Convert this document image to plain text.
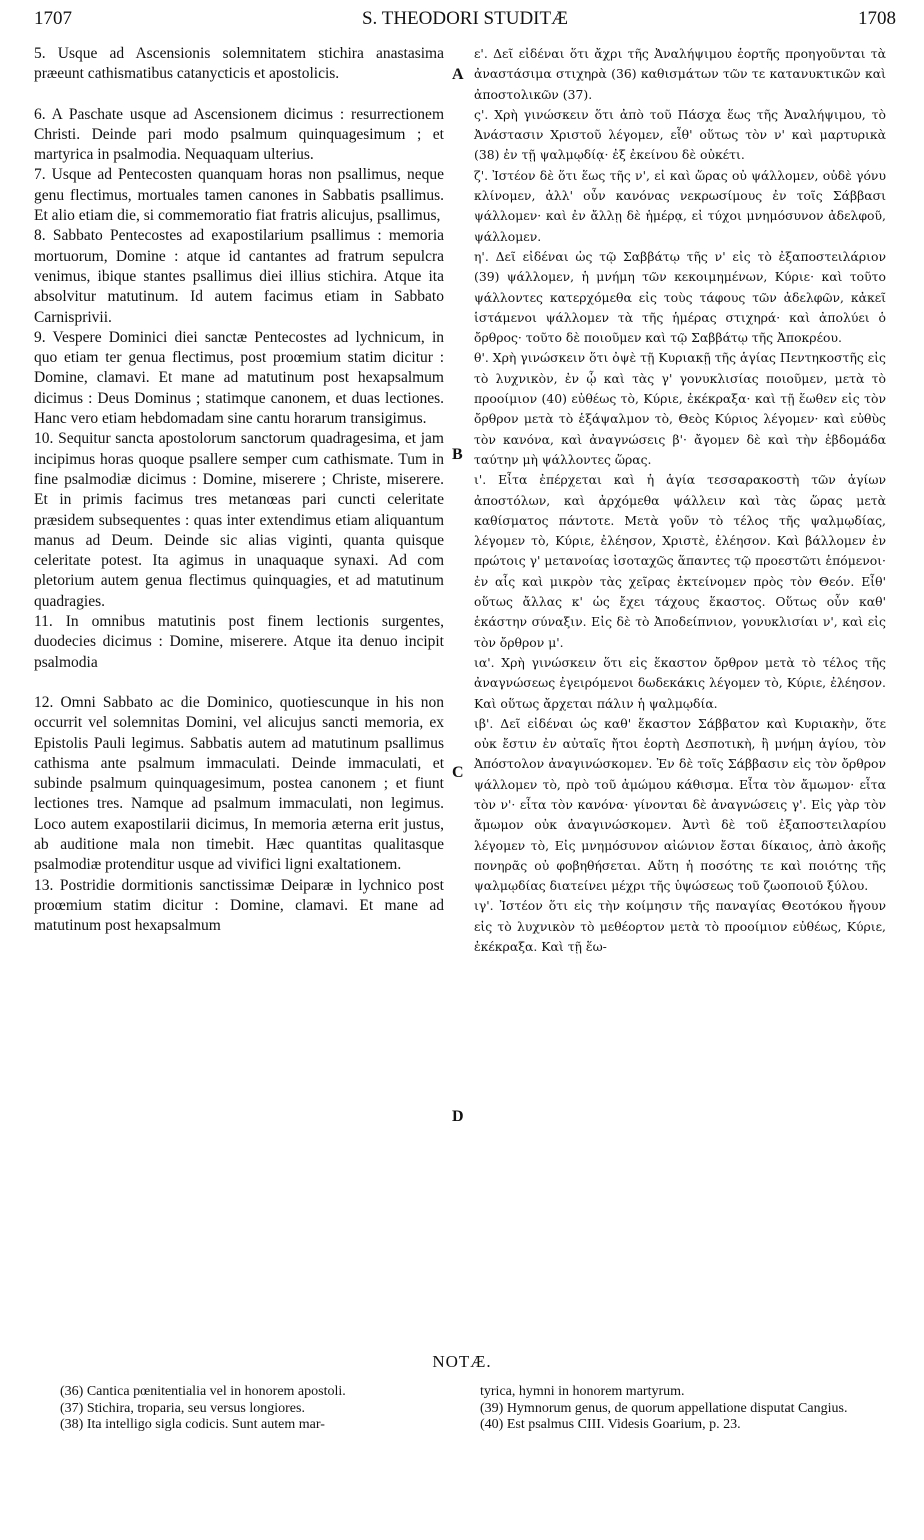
1707	S. THEODORI STUDITÆ	1708
A
B
C
D

5. Usque ad Ascensionis solemnitatem stichira anastasima præeunt cathismatibus catanycticis et apostolicis.

6. A Paschate usque ad Ascensionem dicimus : resurrectionem Christi. Deinde pari modo psalmum quinquagesimum ; et martyrica in psalmodia. Nequaquam ulterius.

7. Usque ad Pentecosten quanquam horas non psallimus, neque genu flectimus, mortuales tamen canones in Sabbatis psallimus. Et alio etiam die, si commemoratio fiat fratris alicujus, psallimus,

8. Sabbato Pentecostes ad exapostilarium psallimus : memoria mortuorum, Domine : atque id cantantes ad fratrum sepulcra venimus, ibique stantes psallimus diei illius stichira. Atque ita absolvitur matutinum. Id autem facimus etiam in Sabbato Carnisprivii.

9. Vespere Dominici diei sanctæ Pentecostes ad lychnicum, in quo etiam ter genua flectimus, post proœmium statim dicitur : Domine, clamavi. Et mane ad matutinum post hexapsalmum dicimus : Deus Dominus ; statimque canonem, et duas lectiones. Hanc vero etiam hebdomadam sine cantu horarum transigimus.

10. Sequitur sancta apostolorum sanctorum quadragesima, et jam incipimus horas quoque psallere semper cum cathismate. Tum in fine psalmodiæ dicimus : Domine, miserere ; Christe, miserere. Et in primis facimus tres metanœas pari cuncti celeritate præsidem subsequentes : quas inter extendimus etiam aliquantum manus ad Deum. Deinde sic alias viginti, quanta quisque celeritate potest. Ita agimus in unaquaque synaxi. Ad com pletorium autem genua flectimus quinquagies, et ad matutinum quadragies.

11. In omnibus matutinis post finem lectionis surgentes, duodecies dicimus : Domine, miserere. Atque ita denuo incipit psalmodia

12. Omni Sabbato ac die Dominico, quotiescunque in his non occurrit vel solemnitas Domini, vel alicujus sancti memoria, ex Epistolis Pauli legimus. Sabbatis autem ad matutinum psallimus cathisma ante psalmum immaculati. Deinde immaculati, et subinde psalmum quinquagesimum, postea canonem ; et fiunt lectiones tres. Namque ad psalmum immaculati, non legimus. Loco autem exapostilarii dicimus, In memoria æterna erit justus, ab auditione mala non timebit. Hæc quantitas qualitasque psalmodiæ protenditur usque ad vivifici ligni exaltationem.

13. Postridie dormitionis sanctissimæ Deiparæ in lychnico post proœmium statim dicitur : Domine, clamavi. Et mane ad matutinum post hexapsalmum

ε'. Δεῖ εἰδέναι ὅτι ἄχρι τῆς Ἀναλήψιμου ἑορτῆς προηγοῦνται τὰ ἀναστάσιμα στιχηρὰ (36) καθισμάτων τῶν τε κατανυκτικῶν καὶ ἀποστολικῶν (37).

ς'. Χρὴ γινώσκειν ὅτι ἀπὸ τοῦ Πάσχα ἕως τῆς Ἀναλήψιμου, τὸ Ἀνάστασιν Χριστοῦ λέγομεν, εἶθ' οὕτως τὸν ν' καὶ μαρτυρικὰ (38) ἐν τῇ ψαλμῳδίᾳ· ἐξ ἐκείνου δὲ οὐκέτι.

ζ'. Ἰστέον δὲ ὅτι ἕως τῆς ν', εἰ καὶ ὥρας οὐ ψάλλομεν, οὐδὲ γόνυ κλίνομεν, ἀλλ' οὖν κανόνας νεκρωσίμους ἐν τοῖς Σάββασι ψάλλομεν· καὶ ἐν ἄλλῃ δὲ ἡμέρᾳ, εἰ τύχοι μνημόσυνον ἀδελφοῦ, ψάλλομεν.

η'. Δεῖ εἰδέναι ὡς τῷ Σαββάτῳ τῆς ν' εἰς τὸ ἐξαποστειλάριον (39) ψάλλομεν, ἡ μνήμη τῶν κεκοιμημένων, Κύριε· καὶ τοῦτο ψάλλοντες κατερχόμεθα εἰς τοὺς τάφους τῶν ἀδελφῶν, κἀκεῖ ἱστάμενοι ψάλλομεν τὰ τῆς ἡμέρας στιχηρά· καὶ ἀπολύει ὁ ὄρθρος· τοῦτο δὲ ποιοῦμεν καὶ τῷ Σαββάτῳ τῆς Ἀποκρέου.

θ'. Χρὴ γινώσκειν ὅτι ὀψὲ τῇ Κυριακῇ τῆς ἁγίας Πεντηκοστῆς εἰς τὸ λυχνικὸν, ἐν ᾧ καὶ τὰς γ' γονυκλισίας ποιοῦμεν, μετὰ τὸ προοίμιον (40) εὐθέως τὸ, Κύριε, ἐκέκραξα· καὶ τῇ ἕωθεν εἰς τὸν ὄρθρον μετὰ τὸ ἑξάψαλμον τὸ, Θεὸς Κύριος λέγομεν· καὶ εὐθὺς τὸν κανόνα, καὶ ἀναγνώσεις β'· ἄγομεν δὲ καὶ τὴν ἑβδομάδα ταύτην μὴ ψάλλοντες ὥρας.

ι'. Εἶτα ἐπέρχεται καὶ ἡ ἁγία τεσσαρακοστὴ τῶν ἁγίων ἀποστόλων, καὶ ἀρχόμεθα ψάλλειν καὶ τὰς ὥρας μετὰ καθίσματος πάντοτε. Μετὰ γοῦν τὸ τέλος τῆς ψαλμῳδίας, λέγομεν τὸ, Κύριε, ἐλέησον, Χριστὲ, ἐλέησον. Καὶ βάλλομεν ἐν πρώτοις γ' μετανοίας ἰσοταχῶς ἅπαντες τῷ προεστῶτι ἑπόμενοι· ἐν αἷς καὶ μικρὸν τὰς χεῖρας ἐκτείνομεν πρὸς τὸν Θεόν. Εἶθ' οὕτως ἄλλας κ' ὡς ἔχει τάχους ἕκαστος. Οὕτως οὖν καθ' ἑκάστην σύναξιν. Εἰς δὲ τὸ Ἀποδείπνιον, γονυκλισίαι ν', καὶ εἰς τὸν ὄρθρον μ'.

ια'. Χρὴ γινώσκειν ὅτι εἰς ἕκαστον ὄρθρον μετὰ τὸ τέλος τῆς ἀναγνώσεως ἐγειρόμενοι δωδεκάκις λέγομεν τὸ, Κύριε, ἐλέησον. Καὶ οὕτως ἄρχεται πάλιν ἡ ψαλμῳδία.

ιβ'. Δεῖ εἰδέναι ὡς καθ' ἕκαστον Σάββατον καὶ Κυριακὴν, ὅτε οὐκ ἔστιν ἐν αὐταῖς ἤτοι ἑορτὴ Δεσποτικὴ, ἢ μνήμη ἁγίου, τὸν Ἀπόστολον ἀναγινώσκομεν. Ἐν δὲ τοῖς Σάββασιν εἰς τὸν ὄρθρον ψάλλομεν τὸ, πρὸ τοῦ ἀμώμου κάθισμα. Εἶτα τὸν ἄμωμον· εἶτα τὸν ν'· εἶτα τὸν κανόνα· γίνονται δὲ ἀναγνώσεις γ'. Εἰς γὰρ τὸν ἄμωμον οὐκ ἀναγινώσκομεν. Ἀντὶ δὲ τοῦ ἐξαποστειλαρίου λέγομεν τὸ, Εἰς μνημόσυνον αἰώνιον ἔσται δίκαιος, ἀπὸ ἀκοῆς πονηρᾶς οὐ φοβηθήσεται. Αὕτη ἡ ποσότης τε καὶ ποιότης τῆς ψαλμῳδίας διατείνει μέχρι τῆς ὑψώσεως τοῦ ζωοποιοῦ ξύλου.

ιγ'. Ἰστέον ὅτι εἰς τὴν κοίμησιν τῆς παναγίας Θεοτόκου ἤγουν εἰς τὸ λυχνικὸν τὸ μεθέορτον μετὰ τὸ προοίμιον εὐθέως, Κύριε, ἐκέκραξα. Καὶ τῇ ἕω-

NOTÆ.

(36) Cantica pœnitentialia vel in honorem apostoli.

(37) Stichira, troparia, seu versus longiores.

(38) Ita intelligo sigla codicis. Sunt autem mar-

tyrica, hymni in honorem martyrum.

(39) Hymnorum genus, de quorum appellatione disputat Cangius.

(40) Est psalmus CIII. Videsis Goarium, p. 23.
